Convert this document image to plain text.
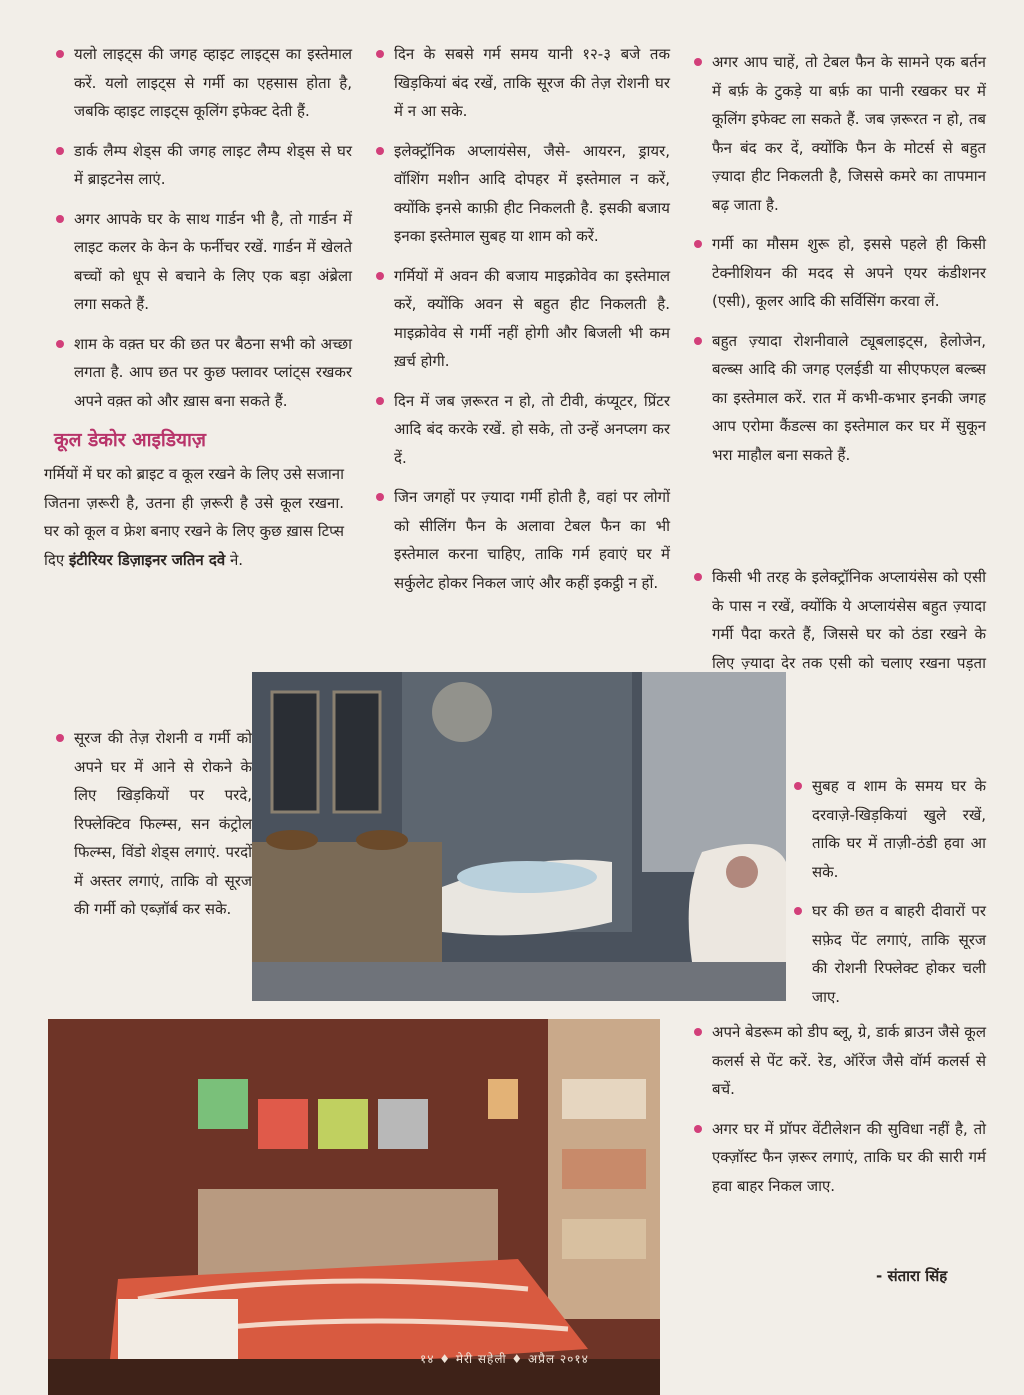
यलो लाइट्स की जगह व्हाइट लाइट्स का इस्तेमाल करें. यलो लाइट्स से गर्मी का एहसास होता है, जबकि व्हाइट लाइट्स कूलिंग इफेक्ट देती हैं.

डार्क लैम्प शेड्स की जगह लाइट लैम्प शेड्स से घर में ब्राइटनेस लाएं.

अगर आपके घर के साथ गार्डन भी है, तो गार्डन में लाइट कलर के केन के फर्नीचर रखें. गार्डन में खेलते बच्चों को धूप से बचाने के लिए एक बड़ा अंब्रेला लगा सकते हैं.

शाम के वक़्त घर की छत पर बैठना सभी को अच्छा लगता है. आप छत पर कुछ फ्लावर प्लांट्स रखकर अपने वक़्त को और ख़ास बना सकते हैं.

कूल डेकोर आइडियाज़

गर्मियों में घर को ब्राइट व कूल रखने के लिए उसे सजाना जितना ज़रूरी है, उतना ही ज़रूरी है उसे कूल रखना. घर को कूल व फ्रेश बनाए रखने के लिए कुछ ख़ास टिप्स दिए इंटीरियर डिज़ाइनर जतिन दवे ने.

सूरज की तेज़ रोशनी व गर्मी को अपने घर में आने से रोकने के लिए खिड़कियों पर परदे, रिफ्लेक्टिव फिल्म्स, सन कंट्रोल फिल्म्स, विंडो शेड्स लगाएं. परदों में अस्तर लगाएं, ताकि वो सूरज की गर्मी को एब्ज़ॉर्ब कर सके.

दिन के सबसे गर्म समय यानी १२-३ बजे तक खिड़कियां बंद रखें, ताकि सूरज की तेज़ रोशनी घर में न आ सके.

इलेक्ट्रॉनिक अप्लायंसेस, जैसे- आयरन, ड्रायर, वॉशिंग मशीन आदि दोपहर में इस्तेमाल न करें, क्योंकि इनसे काफ़ी हीट निकलती है. इसकी बजाय इनका इस्तेमाल सुबह या शाम को करें.

गर्मियों में अवन की बजाय माइक्रोवेव का इस्तेमाल करें, क्योंकि अवन से बहुत हीट निकलती है. माइक्रोवेव से गर्मी नहीं होगी और बिजली भी कम ख़र्च होगी.

दिन में जब ज़रूरत न हो, तो टीवी, कंप्यूटर, प्रिंटर आदि बंद करके रखें. हो सके, तो उन्हें अनप्लग कर दें.

जिन जगहों पर ज़्यादा गर्मी होती है, वहां पर लोगों को सीलिंग फैन के अलावा टेबल फैन का भी इस्तेमाल करना चाहिए, ताकि गर्म हवाएं घर में सर्कुलेट होकर निकल जाएं और कहीं इकट्ठी न हों.

अगर आप चाहें, तो टेबल फैन के सामने एक बर्तन में बर्फ़ के टुकड़े या बर्फ़ का पानी रखकर घर में कूलिंग इफेक्ट ला सकते हैं. जब ज़रूरत न हो, तब फैन बंद कर दें, क्योंकि फैन के मोटर्स से बहुत ज़्यादा हीट निकलती है, जिससे कमरे का तापमान बढ़ जाता है.

गर्मी का मौसम शुरू हो, इससे पहले ही किसी टेक्नीशियन की मदद से अपने एयर कंडीशनर (एसी), कूलर आदि की सर्विसिंग करवा लें.

बहुत ज़्यादा रोशनीवाले ट्यूबलाइट्स, हेलोजेन, बल्ब्स आदि की जगह एलईडी या सीएफएल बल्ब्स का इस्तेमाल करें. रात में कभी-कभार इनकी जगह आप एरोमा कैंडल्स का इस्तेमाल कर घर में सुकून भरा माहौल बना सकते हैं.

किसी भी तरह के इलेक्ट्रॉनिक अप्लायंसेस को एसी के पास न रखें, क्योंकि ये अप्लायंसेस बहुत ज़्यादा गर्मी पैदा करते हैं, जिससे घर को ठंडा रखने के लिए ज़्यादा देर तक एसी को चलाए रखना पड़ता

सुबह व शाम के समय घर के दरवाज़े-खिड़कियां खुले रखें, ताकि घर में ताज़ी-ठंडी हवा आ सके.

घर की छत व बाहरी दीवारों पर सफ़ेद पेंट लगाएं, ताकि सूरज की रोशनी रिफ्लेक्ट होकर चली जाए.

अपने बेडरूम को डीप ब्लू, ग्रे, डार्क ब्राउन जैसे कूल कलर्स से पेंट करें. रेड, ऑरेंज जैसे वॉर्म कलर्स से बचें.

अगर घर में प्रॉपर वेंटीलेशन की सुविधा नहीं है, तो एक्ज़ॉस्ट फैन ज़रूर लगाएं, ताकि घर की सारी गर्म हवा बाहर निकल जाए.

- संतारा सिंह
१४ ♦ मेरी सहेली ♦ अप्रैल २०१४
